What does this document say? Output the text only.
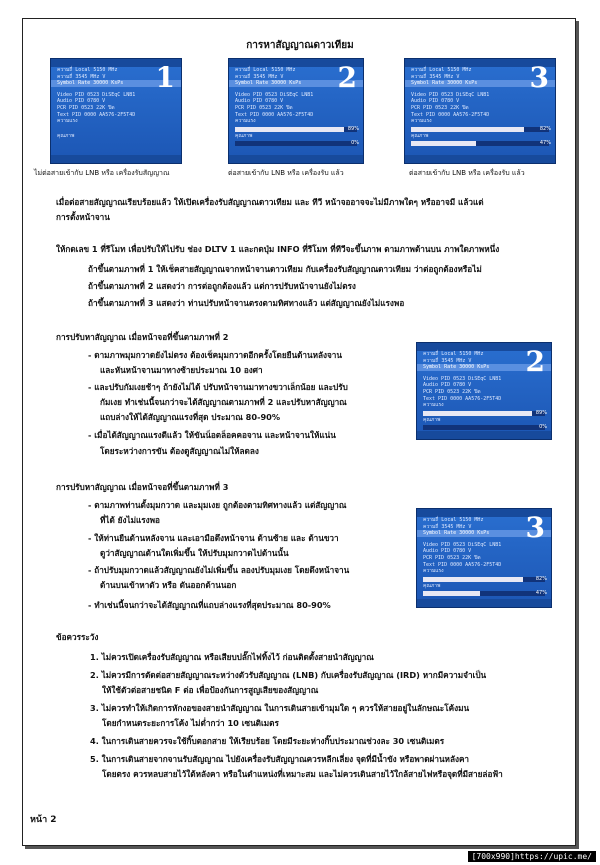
การหาสัญญาณดาวเทียม
ความถี่ Local 5150 MHz
ความถี่ 3545 MHz V
Symbol Rate 30000 KsPs
Video PID 0523 DiSEqC LNB1
Audio PID 0780 V
PCR PID 0523 22K ปิด
Text PID 0000 AA576-2F5T4D
ความแรง
คุณภาพ
1	ความถี่ Local 5150 MHz
ความถี่ 3545 MHz V
Symbol Rate 30000 KsPs
Video PID 0523 DiSEqC LNB1
Audio PID 0780 V
PCR PID 0523 22K ปิด
Text PID 0000 AA576-2F5T4D
ความแรง
คุณภาพ
2
89%
0%
ความถี่ Local 5150 MHz
ความถี่ 3545 MHz V
Symbol Rate 30000 KsPs
Video PID 0523 DiSEqC LNB1
Audio PID 0780 V
PCR PID 0523 22K ปิด
Text PID 0000 AA576-2F5T4D
ความแรง
คุณภาพ
3
82%
47%
ความถี่ Local 5150 MHz
ความถี่ 3545 MHz V
Symbol Rate 30000 KsPs
Video PID 0523 DiSEqC LNB1
Audio PID 0780 V
PCR PID 0523 22K ปิด
Text PID 0000 AA576-2F5T4D
ความแรง
คุณภาพ
2
89%
0%
ความถี่ Local 5150 MHz
ความถี่ 3545 MHz V
Symbol Rate 30000 KsPs
Video PID 0523 DiSEqC LNB1
Audio PID 0780 V
PCR PID 0523 22K ปิด
Text PID 0000 AA576-2F5T4D
ความแรง
คุณภาพ
3
82%
47%
ไม่ต่อสายเข้ากับ LNB หรือ เครื่องรับสัญญาณ	ต่อสายเข้ากับ LNB หรือ เครื่องรับ แล้ว	ต่อสายเข้ากับ LNB หรือ เครื่องรับ แล้ว
เมื่อต่อสายสัญญาณเรียบร้อยแล้ว ให้เปิดเครื่องรับสัญญาณดาวเทียม และ ทีวี หน้าจออาจจะไม่มีภาพใดๆ หรืออาจมี แล้วแต่
การตั้งหน้าจาน
ให้กดเลข 1 ที่รีโมท เพื่อปรับให้ไปรับ ช่อง DLTV 1 และกดปุ่ม INFO ที่รีโมท ที่ทีวีจะขึ้นภาพ ตามภาพด้านบน ภาพใดภาพหนึ่ง
ถ้าขึ้นตามภาพที่ 1 ให้เช็คสายสัญญาณจากหน้าจานดาวเทียม กับเครื่องรับสัญญาณดาวเทียม ว่าต่อถูกต้องหรือไม่
ถ้าขึ้นตามภาพที่ 2 แสดงว่า การต่อถูกต้องแล้ว แต่การปรับหน้าจานยังไม่ตรง
ถ้าขึ้นตามภาพที่ 3 แสดงว่า ท่านปรับหน้าจานตรงตามทิศทางแล้ว แต่สัญญาณยังไม่แรงพอ
การปรับหาสัญญาณ เมื่อหน้าจอที่ขึ้นตามภาพที่ 2
- ดามภาพมุมกวาดยังไม่ตรง ต้องเช็คมุมกวาดอีกครั้งโดยยืนด้านหลังจาน
และหันหน้าจานมาทางซ้ายประมาณ 10 องศา
- และปรับกัมเงยช้าๆ ถ้ายังไม่ได้ ปรับหน้าจานมาทางขวาเล็กน้อย และปรับ
กัมเงย ทำเช่นนี้จนกว่าจะได้สัญญาณตามภาพที่ 2 และปรับหาสัญญาณ
แถบล่างให้ได้สัญญาณแรงที่สุด ประมาณ 80-90%
- เมื่อได้สัญญาณแรงดีแล้ว ให้ขันน็อตล็อคคอจาน และหน้าจานให้แน่น
โดยระหว่างการขัน ต้องดูสัญญาณไม่ให้ลดลง
การปรับหาสัญญาณ เมื่อหน้าจอที่ขึ้นตามภาพที่ 3
- ตามภาพท่านตั้งมุมกวาด และมุมเงย ถูกต้องตามทิศทางแล้ว แต่สัญญาณ
ที่ได้ ยังไม่แรงพอ
- ให้ท่านยืนด้านหลังจาน และเอามือดึงหน้าจาน ด้านซ้าย และ ด้านขวา
ดูว่าสัญญาณด้านใดเพิ่มขึ้น ให้ปรับมุมกวาดไปด้านนั้น
- ถ้าปรับมุมกวาดแล้วสัญญาณยังไม่เพิ่มขึ้น ลองปรับมุมเงย โดยดึงหน้าจาน
ด้านบนเข้าหาตัว หรือ ดันออกด้านนอก
- ทำเช่นนี้จนกว่าจะได้สัญญาณที่แถบล่างแรงที่สุดประมาณ 80-90%
ข้อควรระวัง
1. ไม่ควรเปิดเครื่องรับสัญญาณ หรือเสียบปลั๊กไฟทิ้งไว้ ก่อนติดตั้งสายนำสัญญาณ
2. ไม่ควรมีการตัดต่อสายสัญญาณระหว่างตัวรับสัญญาณ (LNB) กับเครื่องรับสัญญาณ (IRD) หากมีความจำเป็น
ให้ใช้ตัวต่อสายชนิด F ต่อ เพื่อป้องกันการสูญเสียของสัญญาณ
3. ไม่ควรทำให้เกิดการหักงอของสายนำสัญญาณ ในการเดินสายเข้ามุมใด ๆ ควรให้สายอยู่ในลักษณะโค้งมน
โดยกำหนดระยะการโค้ง ไม่ต่ำกว่า 10 เซนติเมตร
4. ในการเดินสายควรจะใช้กิ๊บตอกสาย ให้เรียบร้อย โดยมีระยะห่างกิ๊บประมาณช่วงละ 30 เซนติเมตร
5. ในการเดินสายจากจานรับสัญญาณ ไปยังเครื่องรับสัญญาณควรหลีกเลี่ยง จุดที่มีน้ำขัง หรือพาดผ่านหลังคา
โดยตรง ควรหลบสายไว้ใต้หลังคา หรือในตำแหน่งที่เหมาะสม และไม่ควรเดินสายไว้ใกล้สายไฟหรือจุดที่มีสายล่อฟ้า
หน้า 2
[700x990]https://upic.me/
